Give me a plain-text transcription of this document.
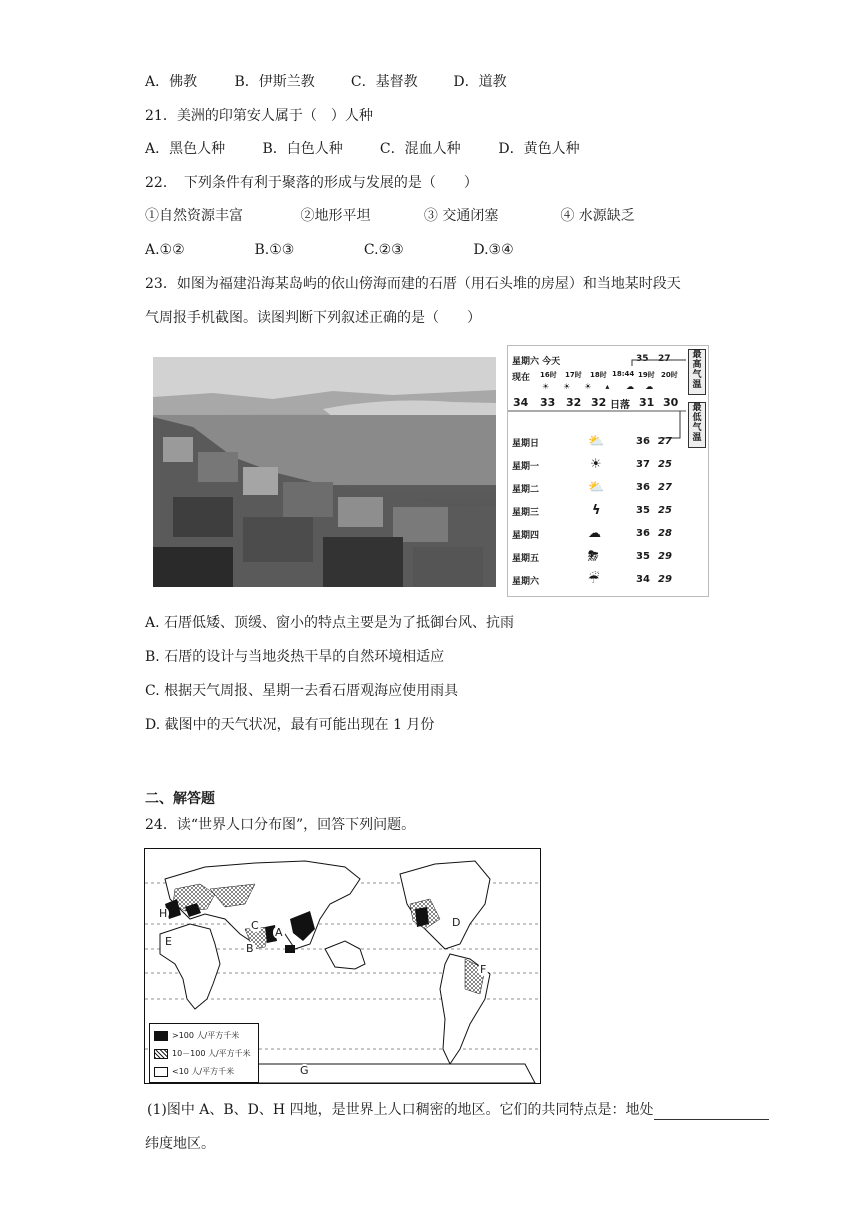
A．佛教	B．伊斯兰教	C．基督教	D．道教
21．美洲的印第安人属于（　）人种
A．黑色人种	B．白色人种	C．混血人种	D．黄色人种
22．　下列条件有利于聚落的形成与发展的是（　　）
①自然资源丰富	②地形平坦	③ 交通闭塞	④ 水源缺乏
A.①②	B.①③	C.②③	D.③④
23．如图为福建沿海某岛屿的依山傍海而建的石厝（用石头堆的房屋）和当地某时段天
气周报手机截图。读图判断下列叙述正确的是（　　）
星期六 今天	35 27	最高气温
最低气温
现在 16时 17时 18时 18:44 19时 20时
☀ ☀ ☀ ▴ ☁ ☁
34 33 32 32 日落 31 30
星期日	⛅	36 27
星期一	☀	37 25
星期二	⛅	36 27
星期三	ϟ	35 25
星期四	☁	36 28
星期五	⛈	35 29
星期六	☔	34 29
A. 石厝低矮、顶缓、窗小的特点主要是为了抵御台风、抗雨
B. 石厝的设计与当地炎热干旱的自然环境相适应
C. 根据天气周报、星期一去看石厝观海应使用雨具
D. 截图中的天气状况，最有可能出现在 1 月份
二、解答题
24．读“世界人口分布图”，回答下列问题。
H
C
E
B
A
D
F
G
>100 人/平方千米
10－100 人/平方千米
<10 人/平方千米
(1)图中 A、B、D、H 四地，是世界上人口稠密的地区。它们的共同特点是：地处
纬度地区。
